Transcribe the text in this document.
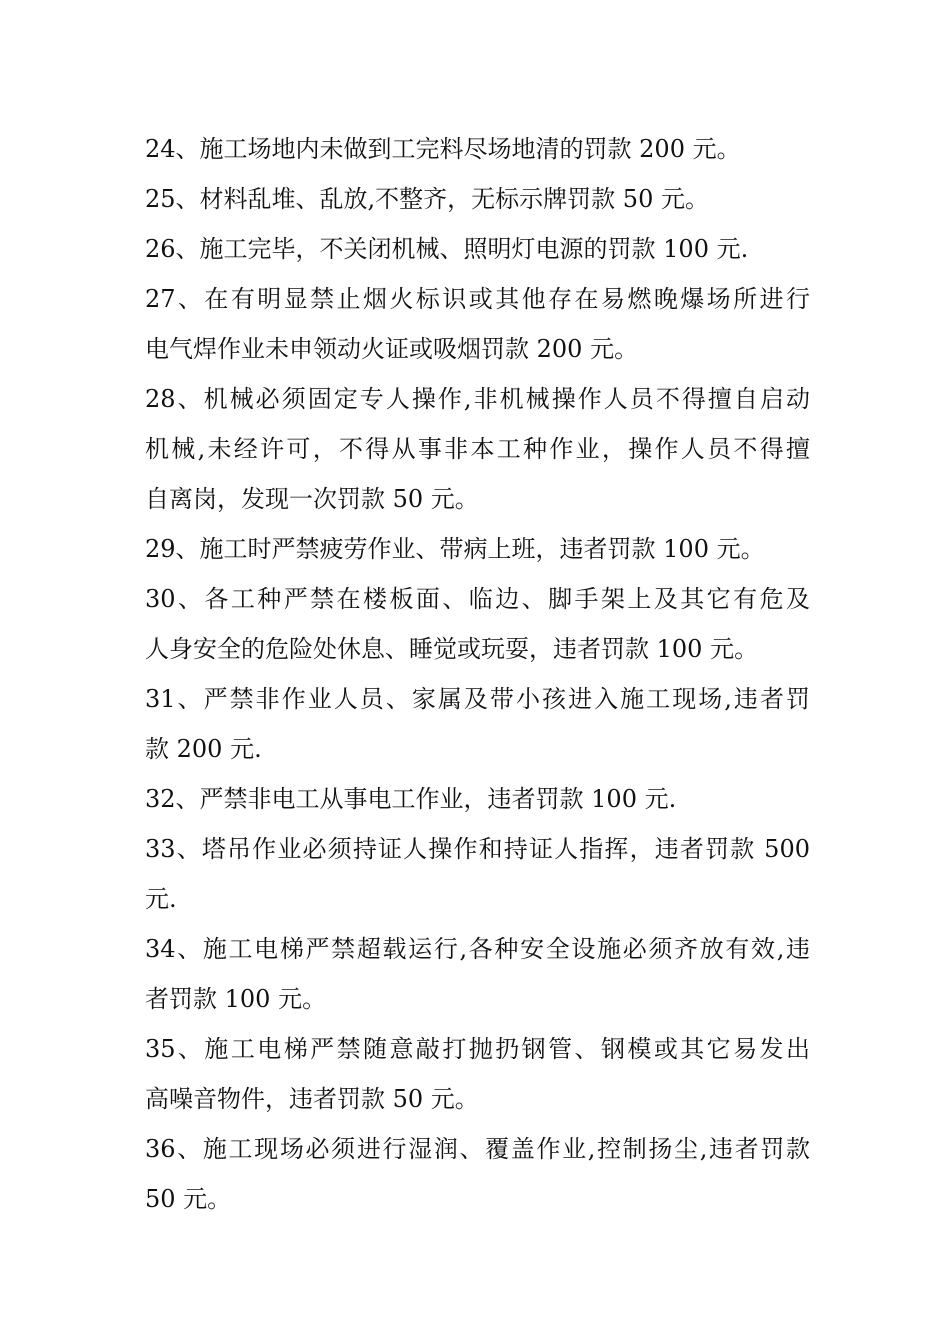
24、施工场地内未做到工完料尽场地清的罚款 200 元。
25、材料乱堆、乱放,不整齐，无标示牌罚款 50 元。
26、施工完毕，不关闭机械、照明灯电源的罚款 100 元.
27、在有明显禁止烟火标识或其他存在易燃晚爆场所进行
电气焊作业未申领动火证或吸烟罚款 200 元。
28、机械必须固定专人操作,非机械操作人员不得擅自启动
机械,未经许可，不得从事非本工种作业，操作人员不得擅
自离岗，发现一次罚款 50 元。
29、施工时严禁疲劳作业、带病上班，违者罚款 100 元。
30、各工种严禁在楼板面、临边、脚手架上及其它有危及
人身安全的危险处休息、睡觉或玩耍，违者罚款 100 元。
31、严禁非作业人员、家属及带小孩进入施工现场,违者罚
款 200 元.
32、严禁非电工从事电工作业，违者罚款 100 元.
33、塔吊作业必须持证人操作和持证人指挥，违者罚款 500
元.
34、施工电梯严禁超载运行,各种安全设施必须齐放有效,违
者罚款 100 元。
35、施工电梯严禁随意敲打抛扔钢管、钢模或其它易发出
高噪音物件，违者罚款 50 元。
36、施工现场必须进行湿润、覆盖作业,控制扬尘,违者罚款
50 元。
